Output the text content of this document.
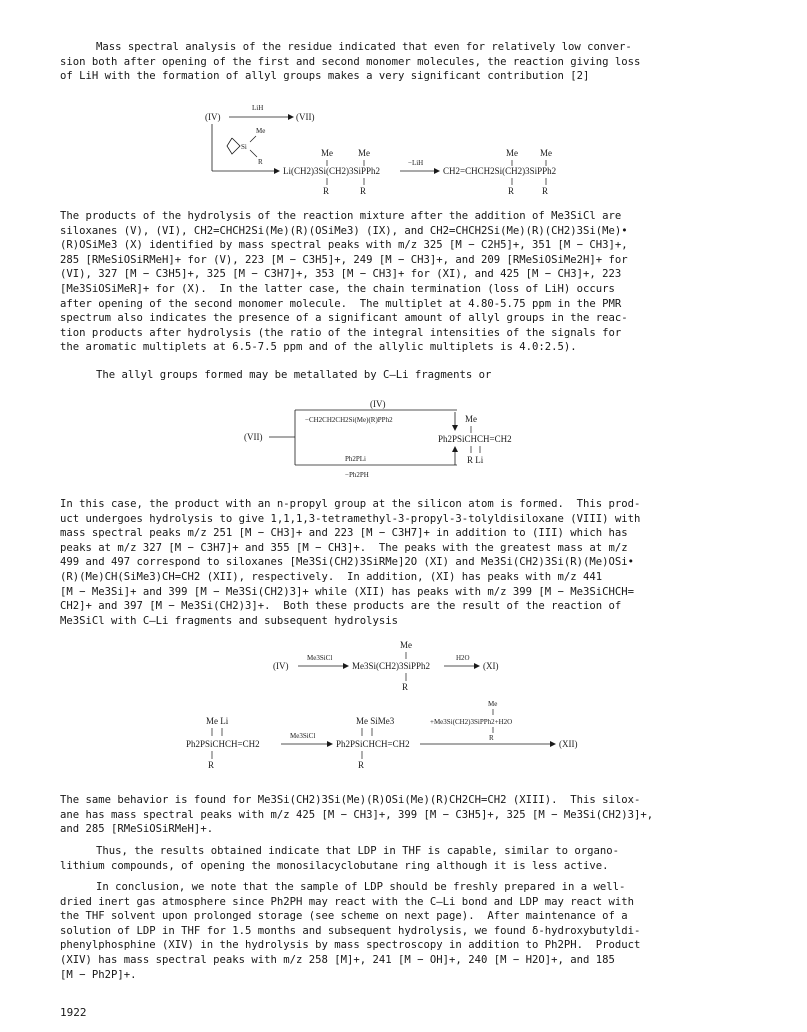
Mass spectral analysis of the residue indicated that even for relatively low conver-
sion both after opening of the first and second monomer molecules, the reaction giving loss
of LiH with the formation of allyl groups makes a very significant contribution [2]
(IV)
LiH
(VII)
Si
Me
R
Me	Me
Li(CH2)3Si(CH2)3SiPPh2
R	R
−LiH
Me Me
CH2=CHCH2Si(CH2)3SiPPh2
R	R
The products of the hydrolysis of the reaction mixture after the addition of Me3SiCl are
siloxanes (V), (VI), CH2=CHCH2Si(Me)(R)(OSiMe3) (IX), and CH2=CHCH2Si(Me)(R)(CH2)3Si(Me)•
(R)OSiMe3 (X) identified by mass spectral peaks with m/z 325 [M − C2H5]+, 351 [M − CH3]+,
285 [RMeSiOSiRMeH]+ for (V), 223 [M − C3H5]+, 249 [M − CH3]+, and 209 [RMeSiOSiMe2H]+ for
(VI), 327 [M − C3H5]+, 325 [M − C3H7]+, 353 [M − CH3]+ for (XI), and 425 [M − CH3]+, 223
[Me3SiOSiMeR]+ for (X).  In the latter case, the chain termination (loss of LiH) occurs
after opening of the second monomer molecule.  The multiplet at 4.80-5.75 ppm in the PMR
spectrum also indicates the presence of a significant amount of allyl groups in the reac-
tion products after hydrolysis (the ratio of the integral intensities of the signals for
the aromatic multiplets at 6.5-7.5 ppm and of the allylic multiplets is 4.0:2.5).
The allyl groups formed may be metallated by C—Li fragments or
(IV)
−CH2CH2CH2Si(Me)(R)PPh2
(VII)
Ph2PLi
−Ph2PH
Me
Ph2PSiCHCH=CH2
R Li
In this case, the product with an n-propyl group at the silicon atom is formed.  This prod-
uct undergoes hydrolysis to give 1,1,1,3-tetramethyl-3-propyl-3-tolyldisiloxane (VIII) with
mass spectral peaks m/z 251 [M − CH3]+ and 223 [M − C3H7]+ in addition to (III) which has
peaks at m/z 327 [M − C3H7]+ and 355 [M − CH3]+.  The peaks with the greatest mass at m/z
499 and 497 correspond to siloxanes [Me3Si(CH2)3SiRMe]2O (XI) and Me3Si(CH2)3Si(R)(Me)OSi•
(R)(Me)CH(SiMe3)CH=CH2 (XII), respectively.  In addition, (XI) has peaks with m/z 441
[M − Me3Si]+ and 399 [M − Me3Si(CH2)3]+ while (XII) has peaks with m/z 399 [M − Me3SiCHCH=
CH2]+ and 397 [M − Me3Si(CH2)3]+.  Both these products are the result of the reaction of
Me3SiCl with C—Li fragments and subsequent hydrolysis
Me
(IV)
Me3SiCl
Me3Si(CH2)3SiPPh2
H2O
(XI)
R
Me Li
Ph2PSiCHCH=CH2
R
Me3SiCl
Me SiMe3
Ph2PSiCHCH=CH2
R
Me
+Me3Si(CH2)3SiPPh2+H2O
R
(XII)
The same behavior is found for Me3Si(CH2)3Si(Me)(R)OSi(Me)(R)CH2CH=CH2 (XIII).  This silox-
ane has mass spectral peaks with m/z 425 [M − CH3]+, 399 [M − C3H5]+, 325 [M − Me3Si(CH2)3]+,
and 285 [RMeSiOSiRMeH]+.
Thus, the results obtained indicate that LDP in THF is capable, similar to organo-
lithium compounds, of opening the monosilacyclobutane ring although it is less active.
In conclusion, we note that the sample of LDP should be freshly prepared in a well-
dried inert gas atmosphere since Ph2PH may react with the C—Li bond and LDP may react with
the THF solvent upon prolonged storage (see scheme on next page).  After maintenance of a
solution of LDP in THF for 1.5 months and subsequent hydrolysis, we found δ-hydroxybutyldi-
phenylphosphine (XIV) in the hydrolysis by mass spectroscopy in addition to Ph2PH.  Product
(XIV) has mass spectral peaks with m/z 258 [M]+, 241 [M − OH]+, 240 [M − H2O]+, and 185
[M − Ph2P]+.
1922
